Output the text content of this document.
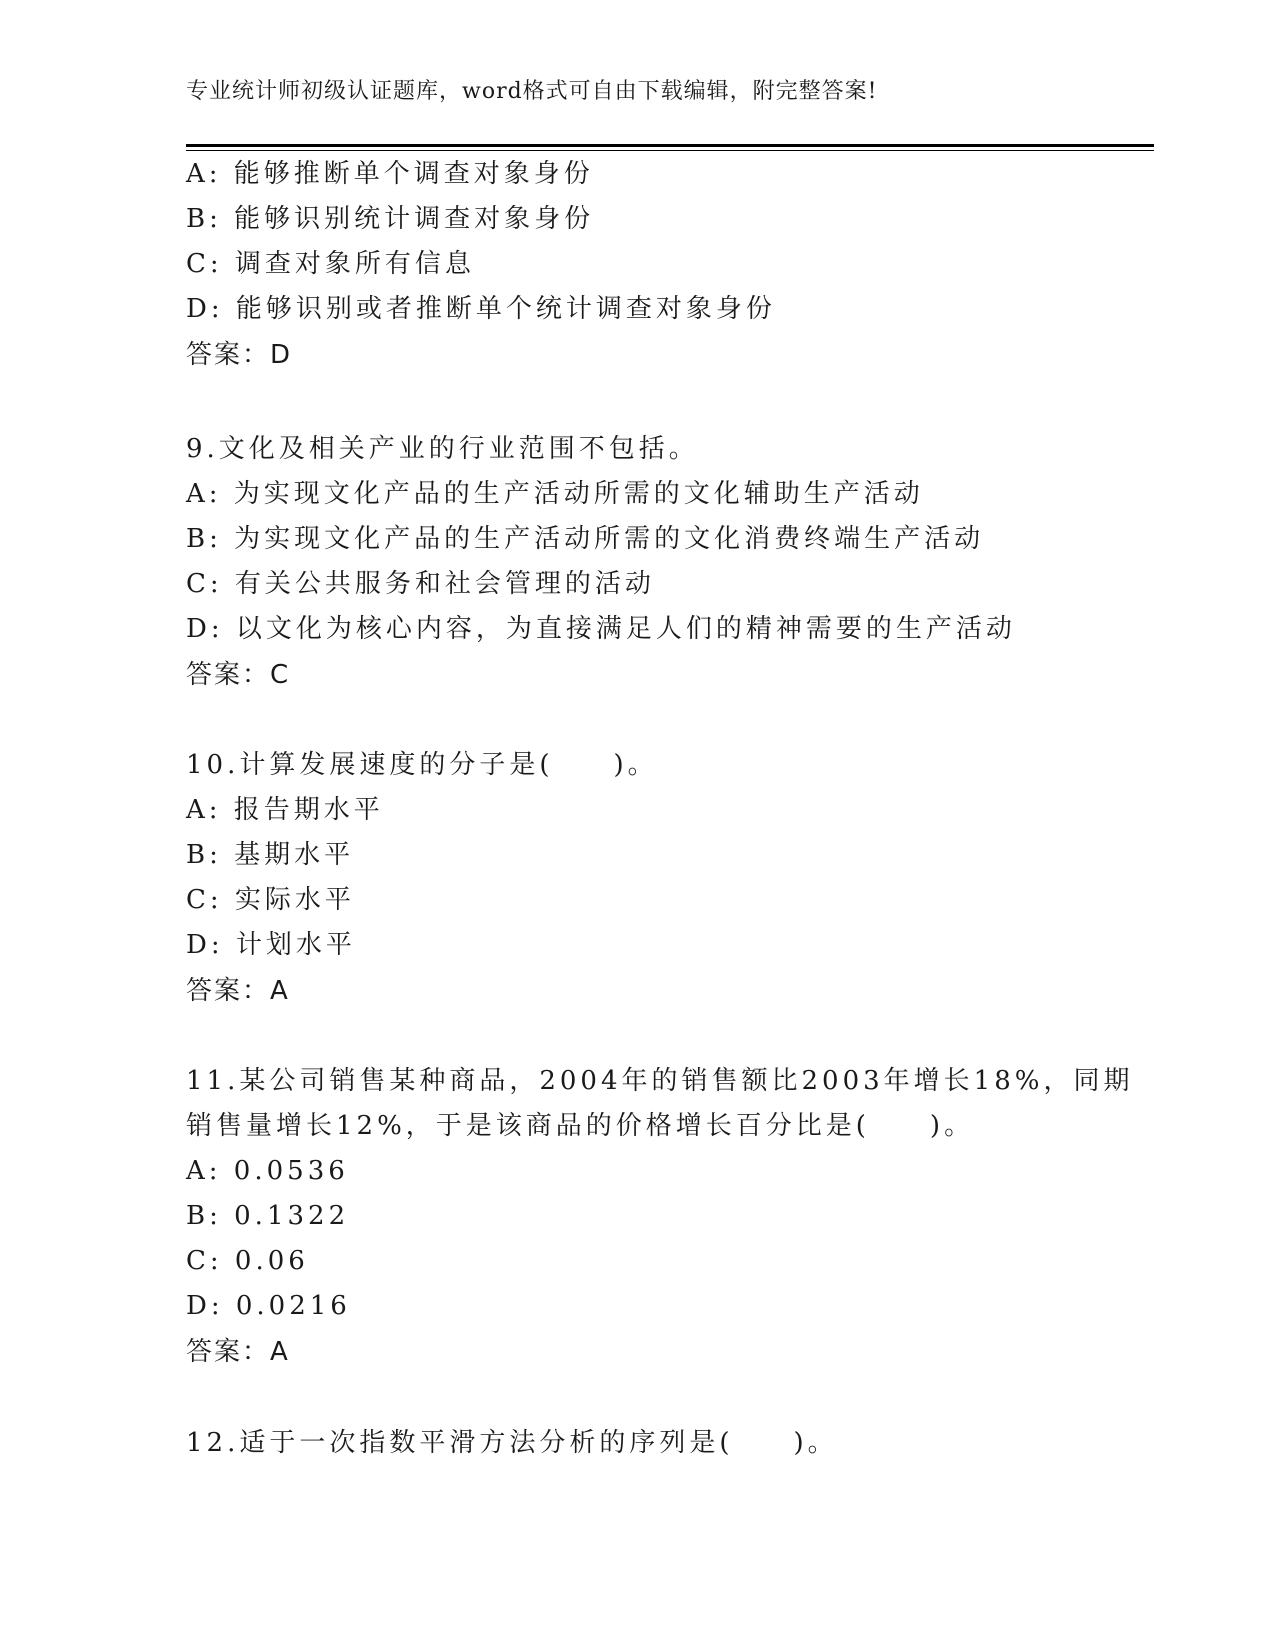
专业统计师初级认证题库，word格式可自由下载编辑，附完整答案!
A: 能够推断单个调查对象身份
B: 能够识别统计调查对象身份
C: 调查对象所有信息
D: 能够识别或者推断单个统计调查对象身份
答案：D
9.文化及相关产业的行业范围不包括。
A: 为实现文化产品的生产活动所需的文化辅助生产活动
B: 为实现文化产品的生产活动所需的文化消费终端生产活动
C: 有关公共服务和社会管理的活动
D: 以文化为核心内容，为直接满足人们的精神需要的生产活动
答案：C
10.计算发展速度的分子是(　　)。
A: 报告期水平
B: 基期水平
C: 实际水平
D: 计划水平
答案：A
11.某公司销售某种商品，2004年的销售额比2003年增长18%，同期
销售量增长12%，于是该商品的价格增长百分比是(　　)。
A: 0.0536
B: 0.1322
C: 0.06
D: 0.0216
答案：A
12.适于一次指数平滑方法分析的序列是(　　)。
